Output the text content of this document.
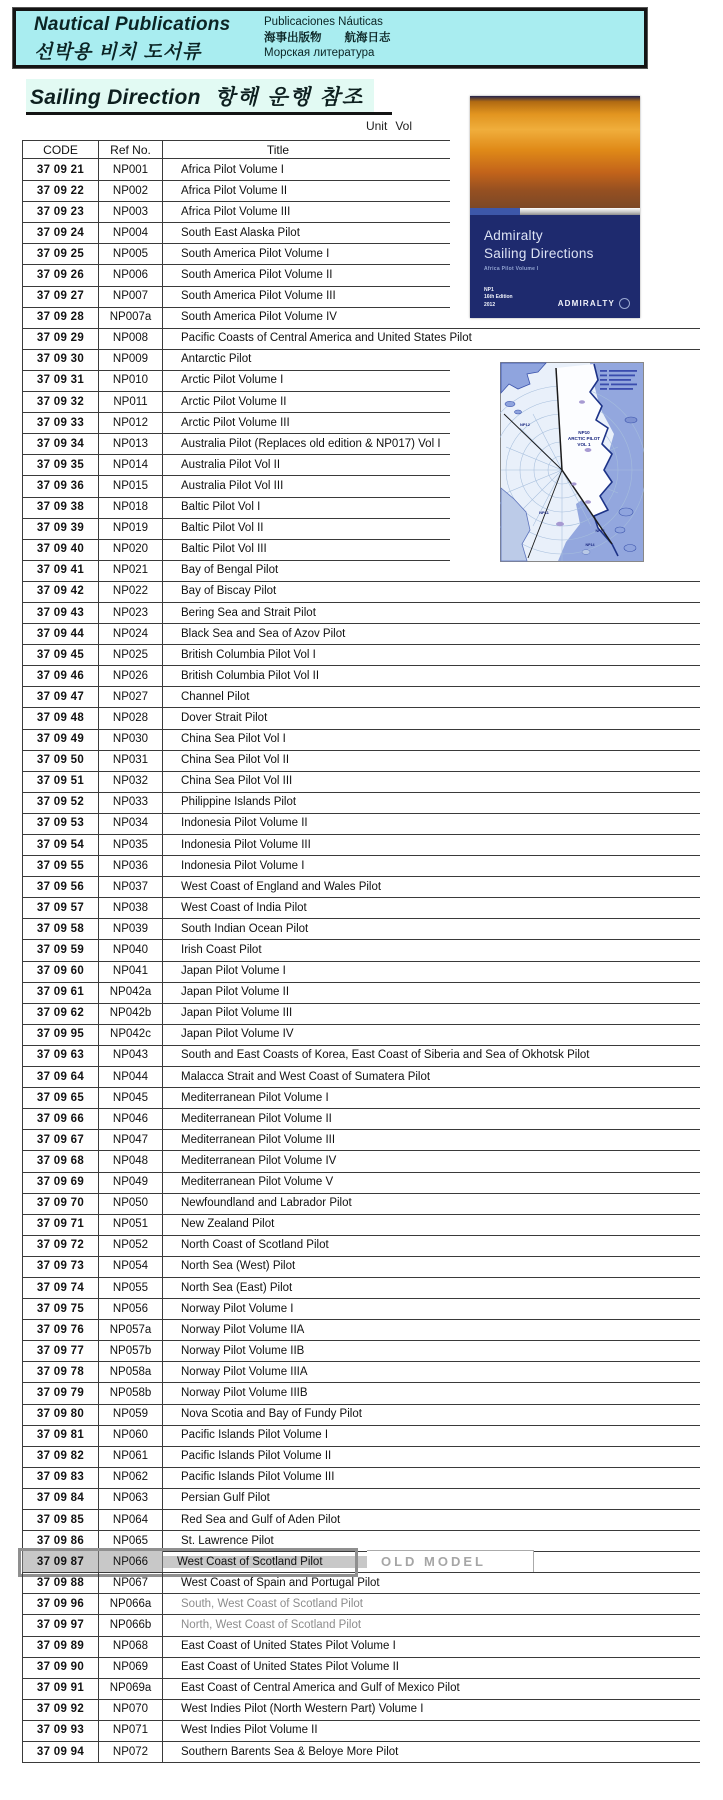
Nautical Publications
선박용 비치 도서류
Publicaciones Náuticas
海事出版物　　航海日志
Морская литература
Sailing Direction 항해 운행 참조
Unit Vol
CODE	Ref No.	Title
37 09 21	NP001	Africa Pilot Volume I
37 09 22	NP002	Africa Pilot Volume II
37 09 23	NP003	Africa Pilot Volume III
37 09 24	NP004	South East Alaska Pilot
37 09 25	NP005	South America Pilot Volume I
37 09 26	NP006	South America Pilot Volume II
37 09 27	NP007	South America Pilot Volume III
37 09 28	NP007a	South America Pilot Volume IV
37 09 29	NP008	Pacific Coasts of Central America and United States Pilot
37 09 30	NP009	Antarctic Pilot
37 09 31	NP010	Arctic Pilot Volume I
37 09 32	NP011	Arctic Pilot Volume II
37 09 33	NP012	Arctic Pilot Volume III
37 09 34	NP013	Australia Pilot (Replaces old edition & NP017) Vol I
37 09 35	NP014	Australia Pilot Vol II
37 09 36	NP015	Australia Pilot Vol III
37 09 38	NP018	Baltic Pilot Vol I
37 09 39	NP019	Baltic Pilot Vol II
37 09 40	NP020	Baltic Pilot Vol III
37 09 41	NP021	Bay of Bengal Pilot
37 09 42	NP022	Bay of Biscay Pilot
37 09 43	NP023	Bering Sea and Strait Pilot
37 09 44	NP024	Black Sea and Sea of Azov Pilot
37 09 45	NP025	British Columbia Pilot Vol I
37 09 46	NP026	British Columbia Pilot Vol II
37 09 47	NP027	Channel Pilot
37 09 48	NP028	Dover Strait Pilot
37 09 49	NP030	China Sea Pilot Vol I
37 09 50	NP031	China Sea Pilot Vol II
37 09 51	NP032	China Sea Pilot Vol III
37 09 52	NP033	Philippine Islands Pilot
37 09 53	NP034	Indonesia Pilot Volume II
37 09 54	NP035	Indonesia Pilot Volume III
37 09 55	NP036	Indonesia Pilot Volume I
37 09 56	NP037	West Coast of England and Wales Pilot
37 09 57	NP038	West Coast of India Pilot
37 09 58	NP039	South Indian Ocean Pilot
37 09 59	NP040	Irish Coast Pilot
37 09 60	NP041	Japan Pilot Volume I
37 09 61	NP042a	Japan Pilot Volume II
37 09 62	NP042b	Japan Pilot Volume III
37 09 95	NP042c	Japan Pilot Volume IV
37 09 63	NP043	South and East Coasts of Korea, East Coast of Siberia and Sea of Okhotsk Pilot
37 09 64	NP044	Malacca Strait and West Coast of Sumatera Pilot
37 09 65	NP045	Mediterranean Pilot Volume I
37 09 66	NP046	Mediterranean Pilot Volume II
37 09 67	NP047	Mediterranean Pilot Volume III
37 09 68	NP048	Mediterranean Pilot Volume IV
37 09 69	NP049	Mediterranean Pilot Volume V
37 09 70	NP050	Newfoundland and Labrador Pilot
37 09 71	NP051	New Zealand Pilot
37 09 72	NP052	North Coast of Scotland Pilot
37 09 73	NP054	North Sea (West) Pilot
37 09 74	NP055	North Sea (East) Pilot
37 09 75	NP056	Norway Pilot Volume I
37 09 76	NP057a	Norway Pilot Volume IIA
37 09 77	NP057b	Norway Pilot Volume IIB
37 09 78	NP058a	Norway Pilot Volume IIIA
37 09 79	NP058b	Norway Pilot Volume IIIB
37 09 80	NP059	Nova Scotia and Bay of Fundy Pilot
37 09 81	NP060	Pacific Islands Pilot Volume I
37 09 82	NP061	Pacific Islands Pilot Volume II
37 09 83	NP062	Pacific Islands Pilot Volume III
37 09 84	NP063	Persian Gulf Pilot
37 09 85	NP064	Red Sea and Gulf of Aden Pilot
37 09 86	NP065	St. Lawrence Pilot
37 09 87	NP066	West Coast of Scotland Pilot	OLD MODEL
37 09 88	NP067	West Coast of Spain and Portugal Pilot
37 09 96	NP066a	South, West Coast of Scotland Pilot
37 09 97	NP066b	North, West Coast of Scotland Pilot
37 09 89	NP068	East Coast of United States Pilot Volume I
37 09 90	NP069	East Coast of United States Pilot Volume II
37 09 91	NP069a	East Coast of Central America and Gulf of Mexico Pilot
37 09 92	NP070	West Indies Pilot (North Western Part) Volume I
37 09 93	NP071	West Indies Pilot Volume II
37 09 94	NP072	Southern Barents Sea & Beloye More Pilot
Admiralty
Sailing Directions
Africa Pilot Volume I
NP1
16th Edition
2012	ADMIRALTY
NP10
ARCTIC PILOT
VOL 1
NP12
NP11
NP13
NP14
